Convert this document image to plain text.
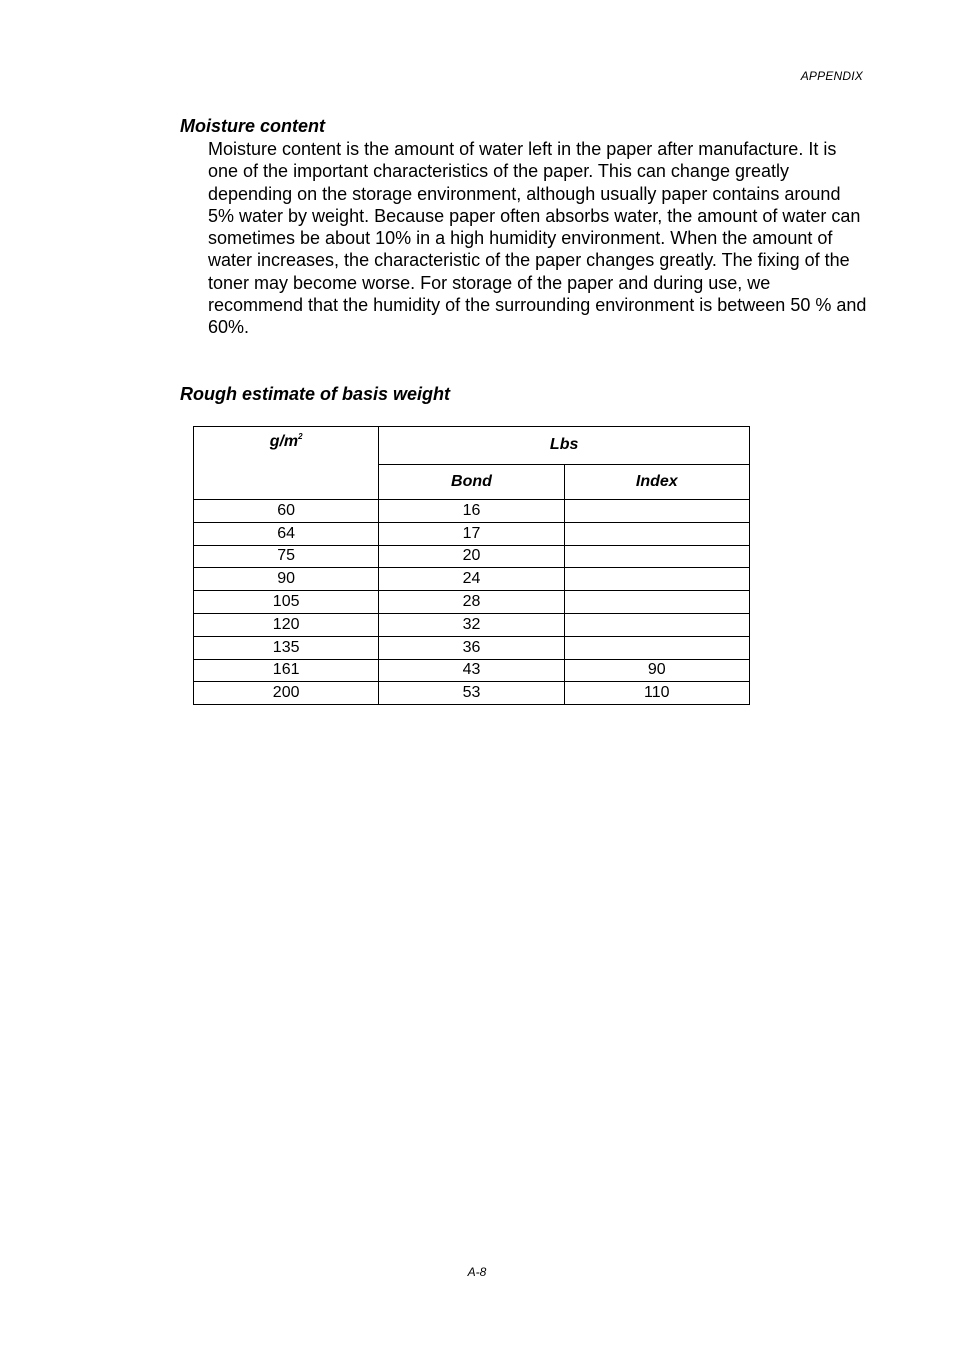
APPENDIX
Moisture content

Moisture content is the amount of water left in the paper after manufacture. It is one of the important characteristics of the paper. This can change greatly depending on the storage environment, although usually paper contains around 5% water by weight. Because paper often absorbs water, the amount of water can sometimes be about 10% in a high humidity environment. When the amount of water increases, the characteristic of the paper changes greatly. The fixing of the toner may become worse. For storage of the paper and during use, we recommend that the humidity of the surrounding environment is between 50 % and 60%.

Rough estimate of basis weight
$g/m^2$	Lbs	
	Bond	Index
60	16	
64	17	
75	20	
90	24	
105	28	
120	32	
135	36	
161	43	90
200	53	110
A-8
